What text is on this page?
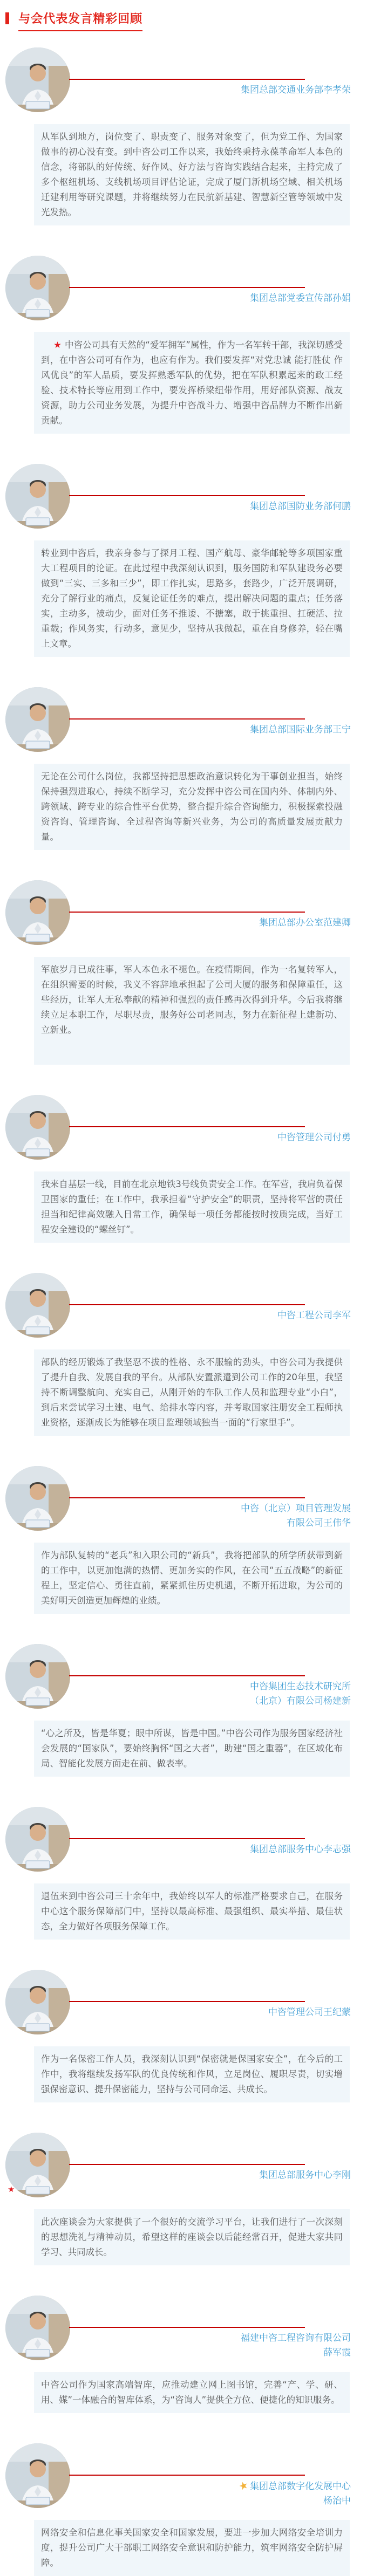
与会代表发言精彩回顾
集团总部交通业务部李孝荣

从军队到地方，岗位变了、职责变了、服务对象变了，但为党工作、为国家做事的初心没有变。到中咨公司工作以来，我始终秉持永葆革命军人本色的信念，将部队的好传统、好作风、好方法与咨询实践结合起来，主持完成了多个枢纽机场、支线机场项目评估论证，完成了厦门新机场空域、相关机场迁建利用等研究课题，并将继续努力在民航新基建、智慧新空管等领域中发光发热。

集团总部党委宣传部孙娟

★ 中咨公司具有天然的“爱军拥军”属性，作为一名军转干部，我深切感受到，在中咨公司可有作为，也应有作为。我们要发挥“对党忠诚 能打胜仗 作风优良”的军人品质，要发挥熟悉军队的优势，把在军队积累起来的政工经验、技术特长等应用到工作中，要发挥桥梁纽带作用，用好部队资源、战友资源，助力公司业务发展，为提升中咨战斗力、增强中咨品牌力不断作出新贡献。

集团总部国防业务部何鹏

转业到中咨后，我亲身参与了探月工程、国产航母、豪华邮轮等多项国家重大工程项目的论证。在此过程中我深刻认识到，服务国防和军队建设务必要做到“三实、三多和三少”，即工作扎实，思路多，套路少，广泛开展调研，充分了解行业的痛点，反复论证任务的难点，提出解决问题的重点；任务落实，主动多，被动少，面对任务不推诿、不搪塞，敢于挑重担、扛硬活、拉重载；作风务实，行动多，意见少，坚持从我做起，重在自身修养，轻在嘴上文章。

集团总部国际业务部王宁

无论在公司什么岗位，我都坚持把思想政治意识转化为干事创业担当，始终保持强烈进取心，持续不断学习，充分发挥中咨公司在国内外、体制内外、跨领域、跨专业的综合性平台优势，整合提升综合咨询能力，积极探索投融资咨询、管理咨询、全过程咨询等新兴业务，为公司的高质量发展贡献力量。

集团总部办公室范建卿

军旅岁月已成往事，军人本色永不褪色。在疫情期间，作为一名复转军人，在组织需要的时候，我义不容辞地承担起了公司大厦的服务和保障重任，这些经历，让军人无私奉献的精神和强烈的责任感再次得到升华。今后我将继续立足本职工作，尽职尽责，服务好公司老同志，努力在新征程上建新功、立新业。

中咨管理公司付勇

我来自基层一线，目前在北京地铁3号线负责安全工作。在军营，我肩负着保卫国家的重任；在工作中，我承担着“守护安全”的职责，坚持将军营的责任担当和纪律高效融入日常工作，确保每一项任务都能按时按质完成，当好工程安全建设的“螺丝钉”。

中咨工程公司李军

部队的经历锻炼了我坚忍不拔的性格、永不服输的劲头，中咨公司为我提供了提升自我、发展自我的平台。从部队安置派遣到公司工作的20年里，我坚持不断调整航向、充实自己，从刚开始的车队工作人员和监理专业“小白”，到后来尝试学习土建、电气、给排水等内容，并考取国家注册安全工程师执业资格，逐渐成长为能够在项目监理领域独当一面的“行家里手”。

中咨（北京）项目管理发展
有限公司王伟华

作为部队复转的“老兵”和入职公司的“新兵”，我将把部队的所学所获带到新的工作中，以更加饱满的热情、更加务实的作风，在公司“五五战略”的新征程上，坚定信心、勇往直前，紧紧抓住历史机遇，不断开拓进取，为公司的美好明天创造更加辉煌的业绩。

中咨集团生态技术研究所
（北京）有限公司杨建新

“心之所及，皆是华夏；眼中所谋，皆是中国。”中咨公司作为服务国家经济社会发展的“国家队”，要始终胸怀“国之大者”，助建“国之重器”，在区域化布局、智能化发展方面走在前、做表率。

集团总部服务中心李志强

退伍来到中咨公司三十余年中，我始终以军人的标准严格要求自己，在服务中心这个服务保障部门中，坚持以最高标准、最强组织、最实举措、最佳状态，全力做好各项服务保障工作。

中咨管理公司王纪蒙

作为一名保密工作人员，我深刻认识到“保密就是保国家安全”，在今后的工作中，我将继续发扬军队的优良传统和作风，立足岗位、履职尽责，切实增强保密意识、提升保密能力，坚持与公司同命运、共成长。

★
集团总部服务中心李刚

此次座谈会为大家提供了一个很好的交流学习平台，让我们进行了一次深刻的思想洗礼与精神动员，希望这样的座谈会以后能经常召开，促进大家共同学习、共同成长。

福建中咨工程咨询有限公司
薛军霞

中咨公司作为国家高端智库，应推动建立网上图书馆，完善“产、学、研、用、媒”一体融合的智库体系，为“咨询人”提供全方位、便捷化的知识服务。

★集团总部数字化发展中心
杨治中

网络安全和信息化事关国家安全和国家发展，要进一步加大网络安全培训力度，提升公司广大干部职工网络安全意识和防护能力，筑牢网络安全防护屏障。
